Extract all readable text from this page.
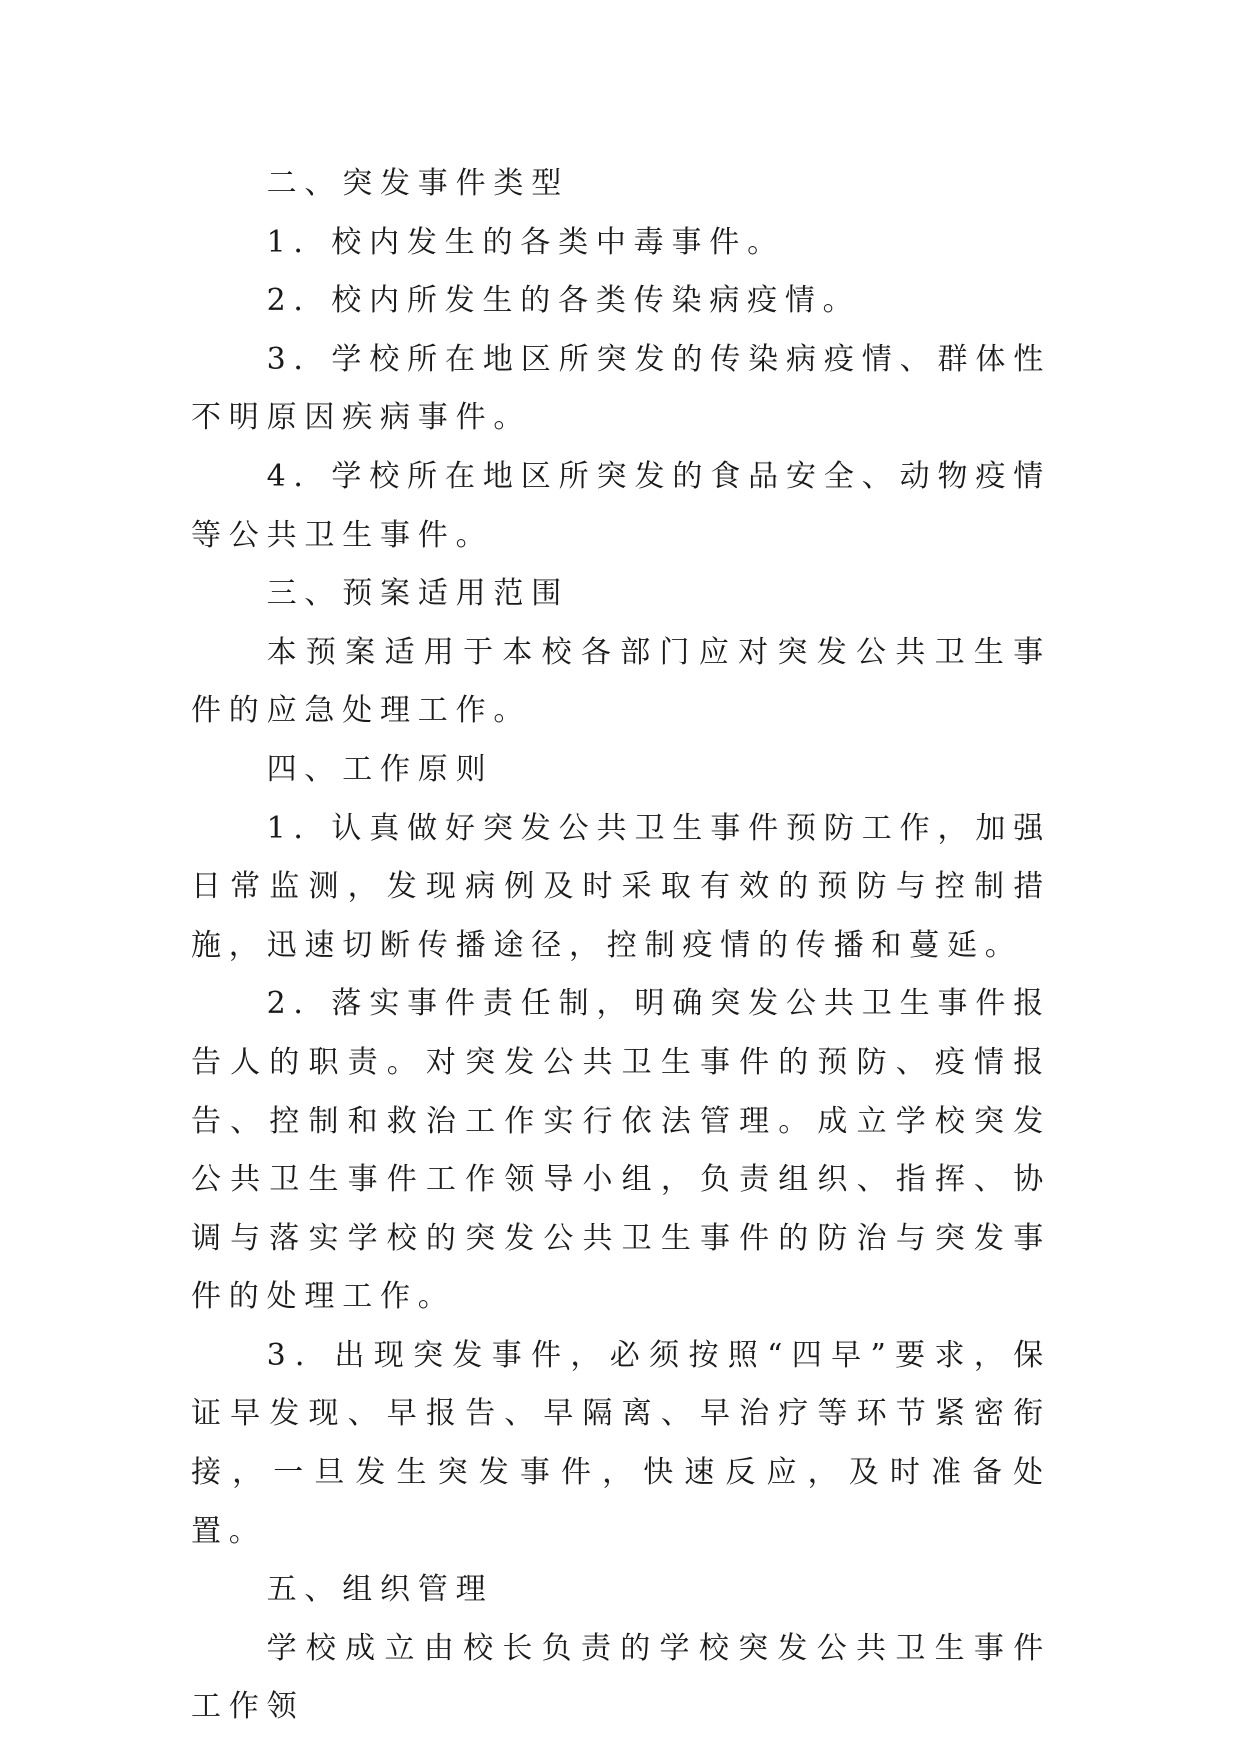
二、突发事件类型

1．校内发生的各类中毒事件。

2．校内所发生的各类传染病疫情。

3．学校所在地区所突发的传染病疫情、群体性不明原因疾病事件。

4．学校所在地区所突发的食品安全、动物疫情等公共卫生事件。

三、预案适用范围

本预案适用于本校各部门应对突发公共卫生事件的应急处理工作。

四、工作原则

1．认真做好突发公共卫生事件预防工作，加强日常监测，发现病例及时采取有效的预防与控制措施，迅速切断传播途径，控制疫情的传播和蔓延。

2．落实事件责任制，明确突发公共卫生事件报告人的职责。对突发公共卫生事件的预防、疫情报告、控制和救治工作实行依法管理。成立学校突发公共卫生事件工作领导小组，负责组织、指挥、协调与落实学校的突发公共卫生事件的防治与突发事件的处理工作。

3．出现突发事件，必须按照“四早”要求，保证早发现、早报告、早隔离、早治疗等环节紧密衔接，一旦发生突发事件，快速反应，及时准备处置。

五、组织管理

学校成立由校长负责的学校突发公共卫生事件工作领
